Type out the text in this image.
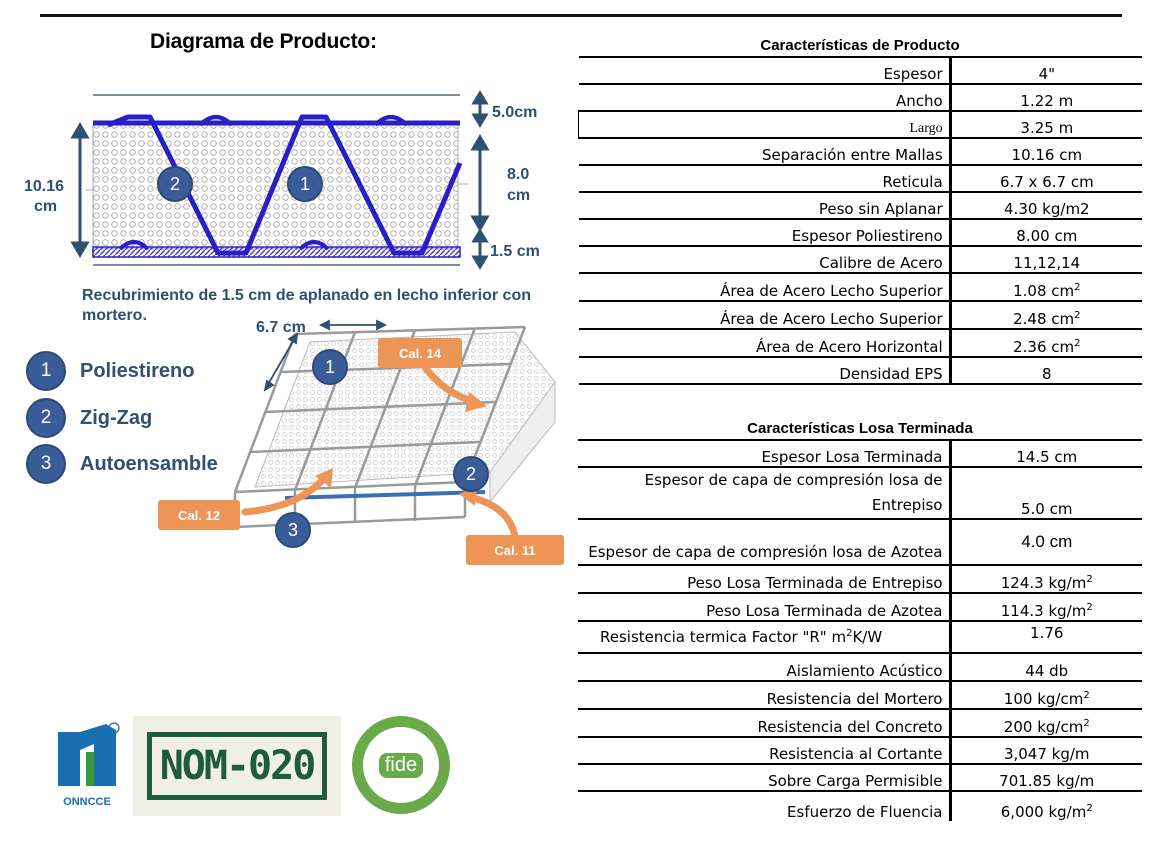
Diagrama de Producto:
2	1
5.0cm
8.0
cm
10.16
cm
1.5 cm
Recubrimiento de 1.5 cm de aplanado en lecho inferior con mortero.
1	Poliestireno
2	Zig-Zag
3	Autoensamble
6.7 cm
1
2
3
Cal. 14
Cal. 12
Cal. 11
ONNCCE
NOM-020	fide
Características de Producto
Espesor	4"
Ancho	1.22 m
Largo	3.25 m
Separación entre Mallas	10.16 cm
Reticula	6.7 x 6.7 cm
Peso sin Aplanar	4.30 kg/m2
Espesor Poliestireno	8.00 cm
Calibre de Acero	11,12,14
Área de Acero Lecho Superior	1.08 $cm^2$
Área de Acero Lecho Superior	2.48 $cm^2$
Área de Acero Horizontal	2.36 $cm^2$
Densidad EPS	8
Características Losa Terminada
Espesor Losa Terminada	14.5 cm
Espesor de capa de compresión losa de Entrepiso	5.0 cm
Espesor de capa de compresión losa de Azotea	4.0 cm
Peso Losa Terminada de Entrepiso	124.3 $kg/m^2$
Peso Losa Terminada de Azotea	114.3 $kg/m^2$
Resistencia termica Factor "R" $m^2K/W$	1.76
Aislamiento Acústico	44 db
Resistencia del Mortero	100 $kg/cm^2$
Resistencia del Concreto	200 $kg/cm^2$
Resistencia al Cortante	3,047 kg/m
Sobre Carga Permisible	701.85 kg/m
Esfuerzo de Fluencia	6,000 $kg/m^2$
